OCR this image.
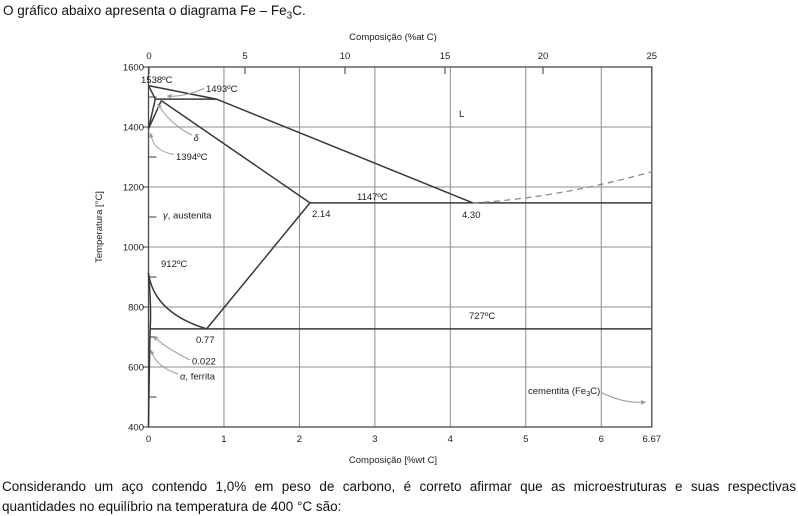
O gráfico abaixo apresenta o diagrama Fe – $Fe_3C$.
1538ºC
1493ºC
δ
1394ºC
γ, austenita
912ºC
L
1147ºC
2.14	4.30
727ºC
0.77
0.022
α, ferrita
cementita $(Fe_3C)$
1600
1400
1200
1000
800
600
400
0	5	10	15	20	25
0	1	2	3	4	5	6	6.67
Composição (%at C)
Composição [%wt C]
Temperatura [°C]
Considerando um aço contendo 1,0% em peso de carbono, é correto afirmar que as microestruturas e suas respectivas
quantidades no equilíbrio na temperatura de 400 °C são:
